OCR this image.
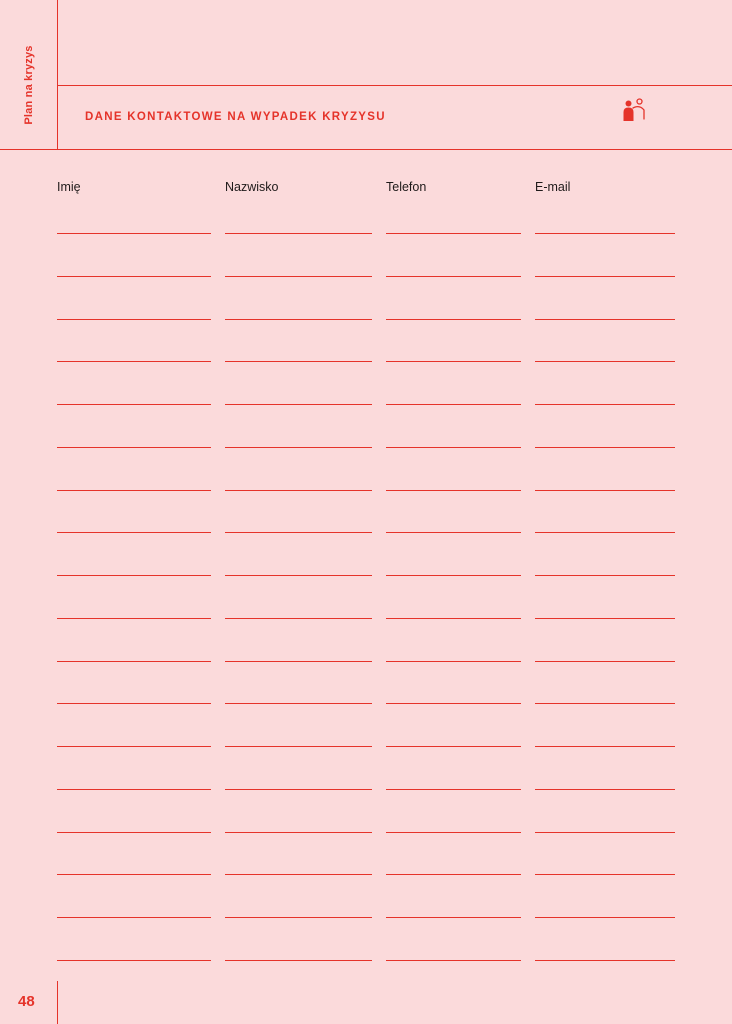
Plan na kryzys	DANE KONTAKTOWE NA WYPADEK KRYZYSU
Imię	Nazwisko	Telefon	E-mail
48
